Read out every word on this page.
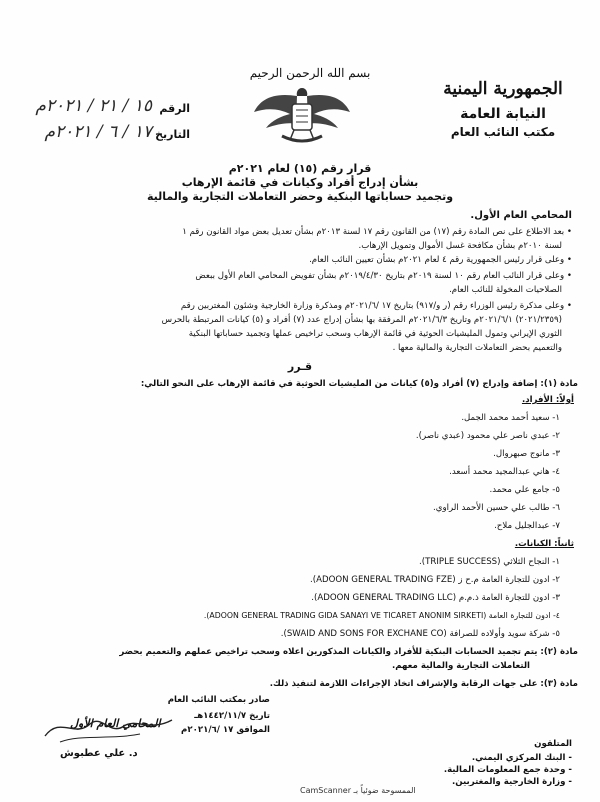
الجمهورية اليمنية
النيابة العامة
مكتب النائب العام
بسم الله الرحمن الرحيم
الرقم
١٥ / ٢١ / ٢٠٢١م
التاريخ
١٧ / ٦ / ٢٠٢١م
قرار رقم (١٥) لعام ٢٠٢١م
بشأن إدراج أفراد وكيانات في قائمة الإرهاب
وتجميد حساباتها البنكية وحضر التعاملات التجارية والمالية
المحامي العام الأول.
• بعد الاطلاع على نص المادة رقم (١٧) من القانون رقم ١٧ لسنة ٢٠١٣م بشأن تعديل بعض مواد القانون رقم ١
لسنة ٢٠١٠م بشأن مكافحة غسل الأموال وتمويل الإرهاب.
• وعلى قرار رئيس الجمهورية رقم ٤ لعام ٢٠٢١م بشأن تعيين النائب العام.
• وعلى قرار النائب العام رقم ١٠ لسنة ٢٠١٩م بتاريخ ٢٠١٩/٤/٣٠م بشأن تفويض المحامي العام الأول ببعض
الصلاحيات المخولة للنائب العام.
• وعلى مذكرة رئيس الوزراء رقم (ر و/٩١٧) بتاريخ ١٧ /٢٠٢١/٦م ومذكرة وزارة الخارجية وشئون المغتربين رقم
(٢٠٢١/٢٣٥٩) ٢٠٢١/٦/١م وتاريخ ٢٠٢١/٦/٣م المرفقة بها بشأن إدراج عدد (٧) أفراد و (٥) كيانات المرتبطة بالحرس
الثوري الإيراني وتمول المليشيات الحوثية في قائمة الإرهاب وسحب تراخيص عملها وتجميد حساباتها البنكية
والتعميم بحضر التعاملات التجارية والمالية معها .
قـرر
مادة (١): إضافة وإدراج (٧) أفراد و(٥) كيانات من المليشيات الحوثية في قائمة الإرهاب على النحو التالي:
أولاً: الأفراد.
١- سعيد أحمد محمد الجمل.
٢- عبدي ناصر علي محمود (عبدي ناصر).
٣- مانوج صبهروال.
٤- هاني عبدالمجيد محمد أسعد.
٥- جامع علي محمد.
٦- طالب علي حسين الأحمد الراوي.
٧- عبدالجليل ملاح.
ثانياً: الكيانات.
١- النجاح الثلاثي (TRIPLE SUCCESS).
٢- ادون للتجارة العامة م.ح ز (ADOON GENERAL TRADING FZE).
٣- ادون للتجارة العامة ذ.م.م (ADOON GENERAL TRADING LLC).
٤- ادون للتجارة العامة (ADOON GENERAL TRADING GIDA SANAYI VE TICARET ANONIM SIRKETI).
٥- شركة سويد وأولاده للصرافة (SWAID AND SONS FOR EXCHANE CO).
مادة (٢): يتم تجميد الحسابات البنكية للأفراد والكيانات المذكورين اعلاه وسحب تراخيص عملهم والتعميم بحضر
التعاملات التجارية والمالية معهم.
مادة (٣): على جهات الرقابة والإشراف اتخاذ الإجراءات اللازمة لتنفيذ ذلك.
صادر بمكتب النائب العام
تاريخ ١٤٤٢/١١/٧هـ
الموافق ١٧ /٢٠٢١/٦م
المحامي العام الأول
د. علي عطبوش
المتلقون
- البنك المركزي اليمني.
- وحدة جمع المعلومات المالية.
- وزارة الخارجية والمغتربين.
الممسوحة ضوئياً بـ CamScanner
